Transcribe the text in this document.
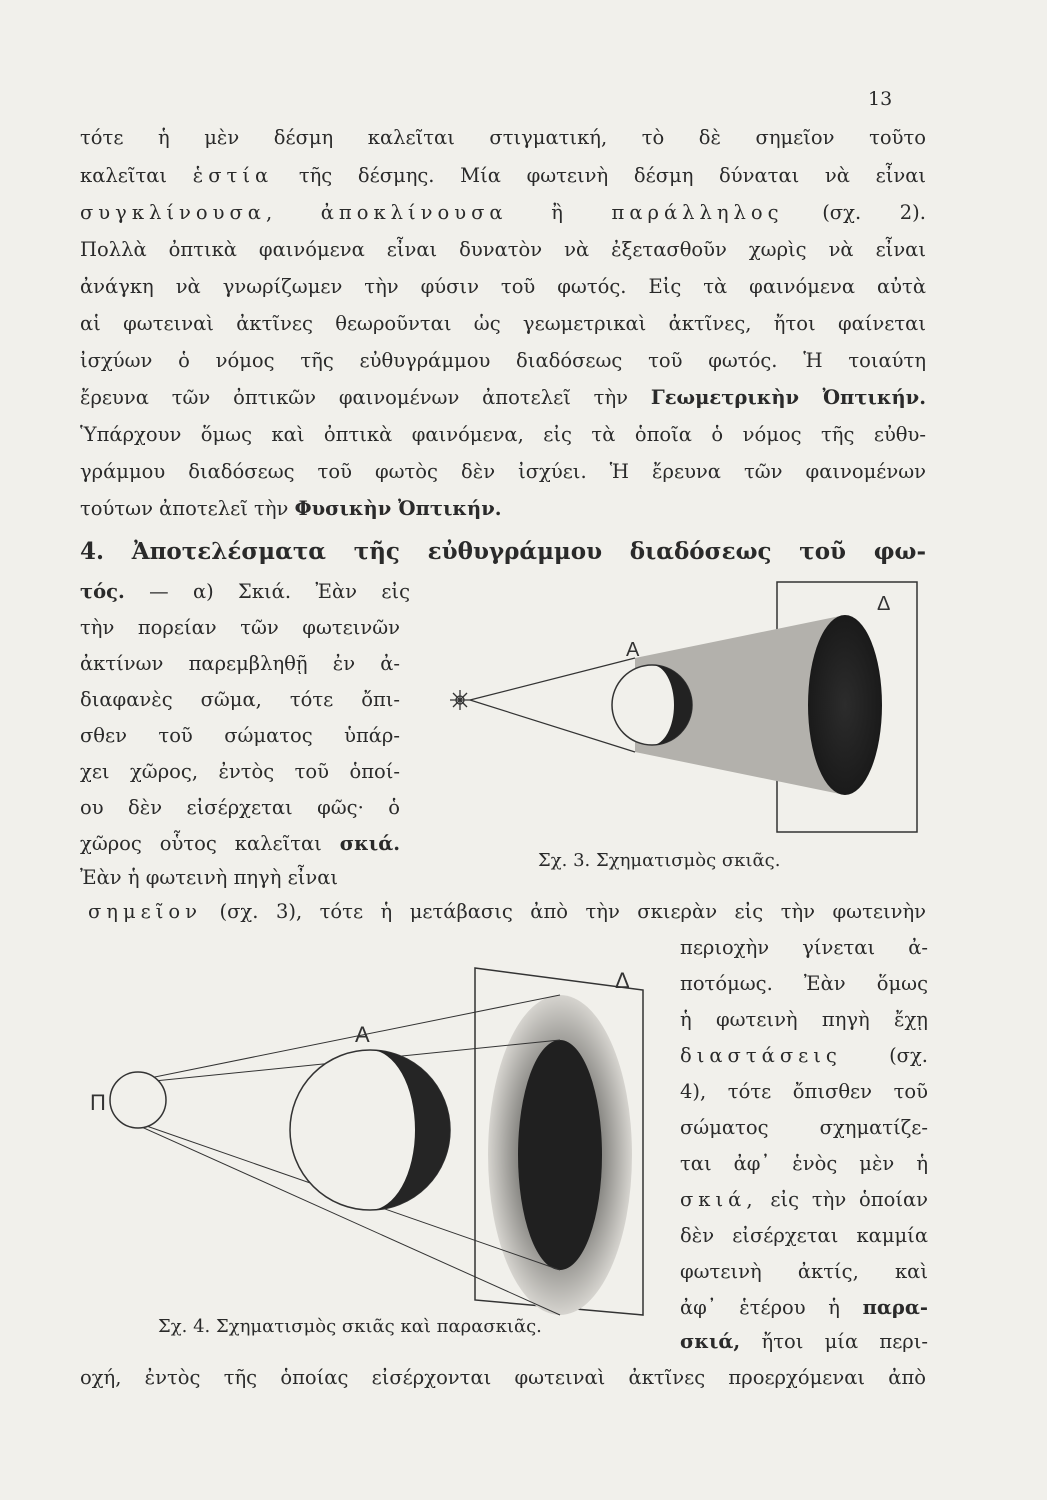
13
τότε ἡ μὲν δέσμη καλεῖται στιγματική, τὸ δὲ σημεῖον τοῦτο
καλεῖται ἑστία τῆς δέσμης. Μία φωτεινὴ δέσμη δύναται νὰ εἶναι
συγκλίνουσα, ἀποκλίνουσα ἢ παράλληλος (σχ. 2).
Πολλὰ ὀπτικὰ φαινόμενα εἶναι δυνατὸν νὰ ἐξετασθοῦν χωρὶς νὰ εἶναι
ἀνάγκη νὰ γνωρίζωμεν τὴν φύσιν τοῦ φωτός. Εἰς τὰ φαινόμενα αὐτὰ
αἱ φωτειναὶ ἀκτῖνες θεωροῦνται ὡς γεωμετρικαὶ ἀκτῖνες, ἤτοι φαίνεται
ἰσχύων ὁ νόμος τῆς εὐθυγράμμου διαδόσεως τοῦ φωτός. Ἡ τοιαύτη
ἔρευνα τῶν ὀπτικῶν φαινομένων ἀποτελεῖ τὴν Γεωμετρικὴν Ὀπτικήν.
Ὑπάρχουν ὅμως καὶ ὀπτικὰ φαινόμενα, εἰς τὰ ὁποῖα ὁ νόμος τῆς εὐθυ-
γράμμου διαδόσεως τοῦ φωτὸς δὲν ἰσχύει. Ἡ ἔρευνα τῶν φαινομένων
τούτων ἀποτελεῖ τὴν Φυσικὴν Ὀπτικήν.
4. Ἀποτελέσματα τῆς εὐθυγράμμου διαδόσεως τοῦ φω-
τός. — α) Σκιά. Ἐὰν εἰς
τὴν πορείαν τῶν φωτεινῶν
ἀκτίνων παρεμβληθῇ ἐν ἀ-
διαφανὲς σῶμα, τότε ὄπι-
σθεν τοῦ σώματος ὑπάρ-
χει χῶρος, ἐντὸς τοῦ ὁποί-
ου δὲν εἰσέρχεται φῶς· ὁ
χῶρος οὗτος καλεῖται σκιά.
Ἐὰν ἡ φωτεινὴ πηγὴ εἶναι
σημεῖον (σχ. 3), τότε ἡ μετάβασις ἀπὸ τὴν σκιερὰν εἰς τὴν φωτεινὴν
περιοχὴν γίνεται ἀ-
ποτόμως. Ἐὰν ὅμως
ἡ φωτεινὴ πηγὴ ἔχῃ
διαστάσεις (σχ.
4), τότε ὄπισθεν τοῦ
σώματος σχηματίζε-
ται ἀφ᾽ ἑνὸς μὲν ἡ
σκιά, εἰς τὴν ὁποίαν
δὲν εἰσέρχεται καμμία
φωτεινὴ ἀκτίς, καὶ
ἀφ᾽ ἑτέρου ἡ παρα-
σκιά, ἤτοι μία περι-
οχή, ἐντὸς τῆς ὁποίας εἰσέρχονται φωτειναὶ ἀκτῖνες προερχόμεναι ἀπὸ
Α
Δ
Σχ. 3. Σχηματισμὸς σκιᾶς.
Π
Α
Δ
Σχ. 4. Σχηματισμὸς σκιᾶς καὶ παρασκιᾶς.
